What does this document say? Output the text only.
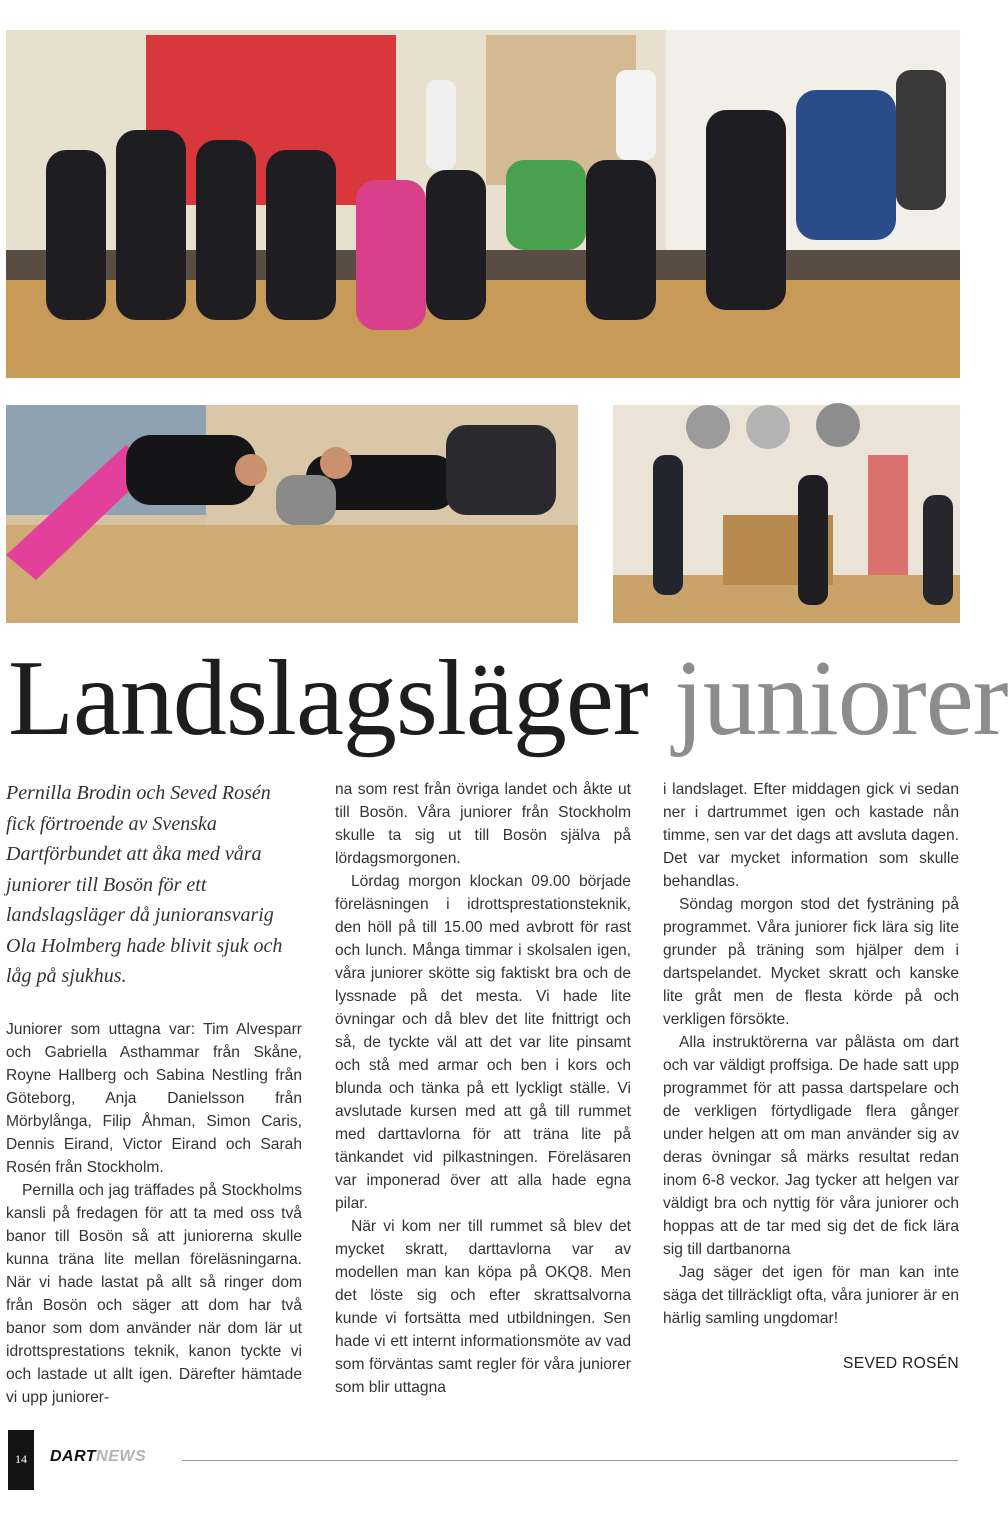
Landslagsläger juniorer

Pernilla Brodin och Seved Rosén fick förtroende av Svenska Dartförbundet att åka med våra juniorer till Bosön för ett landslagsläger då junioransvarig Ola Holmberg hade blivit sjuk och låg på sjukhus.

Juniorer som uttagna var: Tim Alvesparr och Gabriella Asthammar från Skåne, Royne Hallberg och Sabina Nestling från Göteborg, Anja Danielsson från Mörbylånga, Filip Åhman, Simon Caris, Dennis Eirand, Victor Eirand och Sarah Rosén från Stockholm.

Pernilla och jag träffades på Stockholms kansli på fredagen för att ta med oss två banor till Bosön så att juniorerna skulle kunna träna lite mellan föreläsningarna. När vi hade lastat på allt så ringer dom från Bosön och säger att dom har två banor som dom använder när dom lär ut idrottsprestations teknik, kanon tyckte vi och lastade ut allt igen. Därefter hämtade vi upp juniorer-

na som rest från övriga landet och åkte ut till Bosön. Våra juniorer från Stockholm skulle ta sig ut till Bosön själva på lördagsmorgonen.

Lördag morgon klockan 09.00 började föreläsningen i idrottsprestationsteknik, den höll på till 15.00 med avbrott för rast och lunch. Många timmar i skolsalen igen, våra juniorer skötte sig faktiskt bra och de lyssnade på det mesta. Vi hade lite övningar och då blev det lite fnittrigt och så, de tyckte väl att det var lite pinsamt och stå med armar och ben i kors och blunda och tänka på ett lyckligt ställe. Vi avslutade kursen med att gå till rummet med darttavlorna för att träna lite på tänkandet vid pilkastningen. Föreläsaren var imponerad över att alla hade egna pilar.

När vi kom ner till rummet så blev det mycket skratt, darttavlorna var av modellen man kan köpa på OKQ8. Men det löste sig och efter skrattsalvorna kunde vi fortsätta med utbildningen. Sen hade vi ett internt informationsmöte av vad som förväntas samt regler för våra juniorer som blir uttagna

i landslaget. Efter middagen gick vi sedan ner i dartrummet igen och kastade nån timme, sen var det dags att avsluta dagen. Det var mycket information som skulle behandlas.

Söndag morgon stod det fysträning på programmet. Våra juniorer fick lära sig lite grunder på träning som hjälper dem i dartspelandet. Mycket skratt och kanske lite gråt men de flesta körde på och verkligen försökte.

Alla instruktörerna var pålästa om dart och var väldigt proffsiga. De hade satt upp programmet för att passa dartspelare och de verkligen förtydligade flera gånger under helgen att om man använder sig av deras övningar så märks resultat redan inom 6-8 veckor. Jag tycker att helgen var väldigt bra och nyttig för våra juniorer och hoppas att de tar med sig det de fick lära sig till dartbanorna

Jag säger det igen för man kan inte säga det tillräckligt ofta, våra juniorer är en härlig samling ungdomar!

SEVED ROSÉN
14	DARTNEWS
